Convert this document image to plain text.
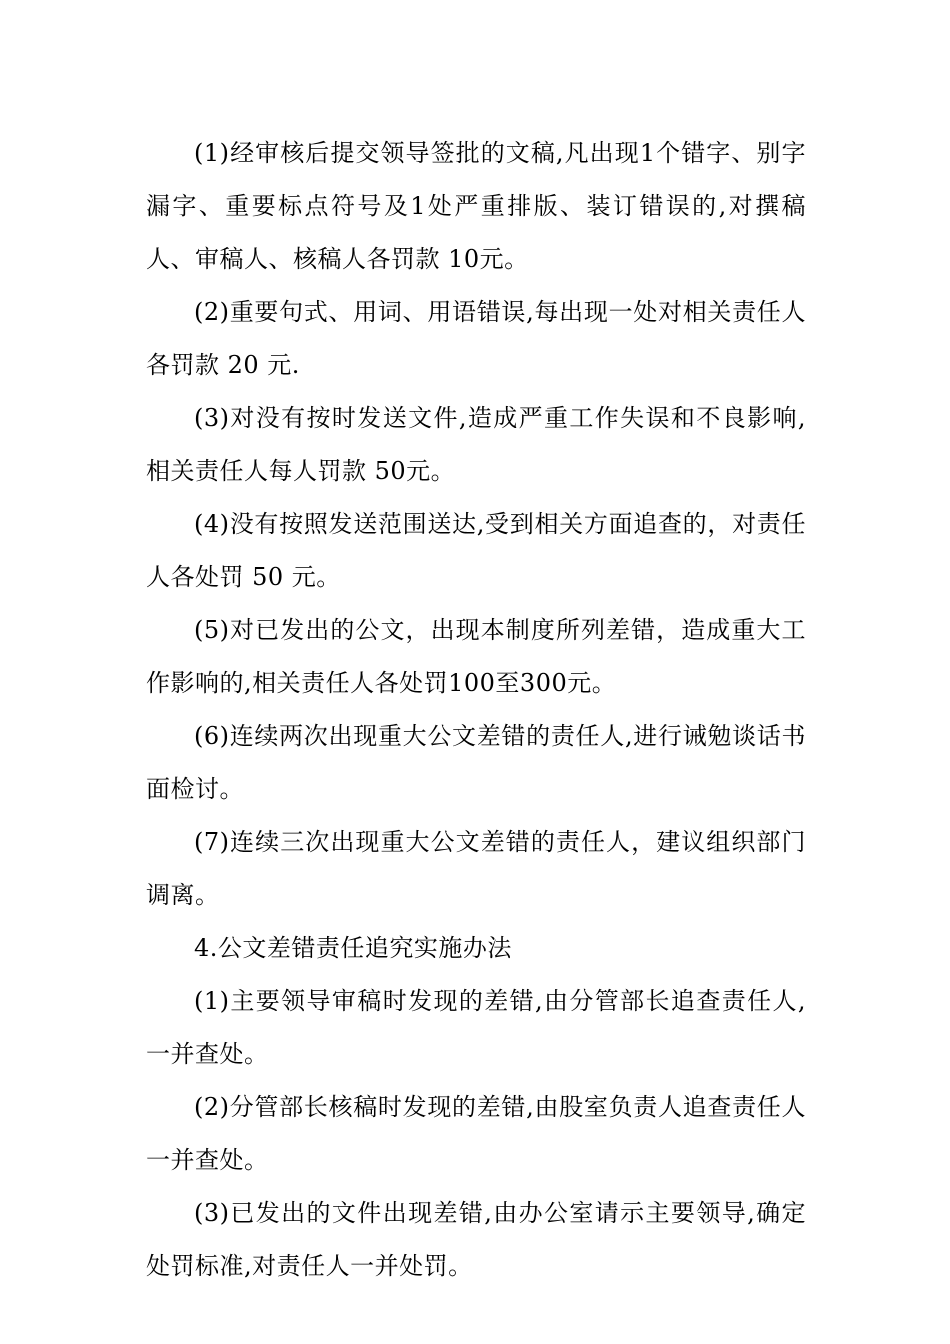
(1)经审核后提交领导签批的文稿,凡出现1个错字、别字漏字、重要标点符号及1处严重排版、装订错误的,对撰稿人、审稿人、核稿人各罚款 10元。

(2)重要句式、用词、用语错误,每出现一处对相关责任人各罚款 20 元.

(3)对没有按时发送文件,造成严重工作失误和不良影响,相关责任人每人罚款 50元。

(4)没有按照发送范围送达,受到相关方面追查的，对责任人各处罚 50 元。

(5)对已发出的公文，出现本制度所列差错，造成重大工作影响的,相关责任人各处罚100至300元。

(6)连续两次出现重大公文差错的责任人,进行诫勉谈话书面检讨。

(7)连续三次出现重大公文差错的责任人，建议组织部门调离。

4.公文差错责任追究实施办法

(1)主要领导审稿时发现的差错,由分管部长追查责任人,一并查处。

(2)分管部长核稿时发现的差错,由股室负责人追查责任人一并查处。

(3)已发出的文件出现差错,由办公室请示主要领导,确定处罚标准,对责任人一并处罚。
